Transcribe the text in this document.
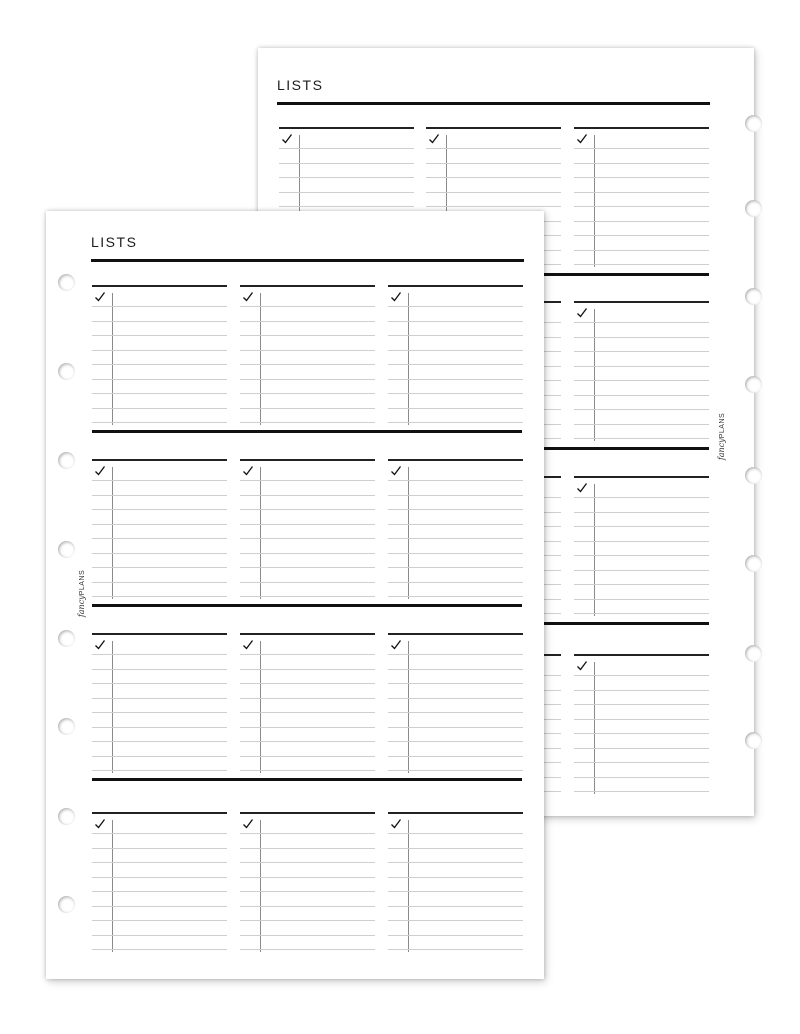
LISTS
fancyPLANS
LISTS
fancyPLANS
